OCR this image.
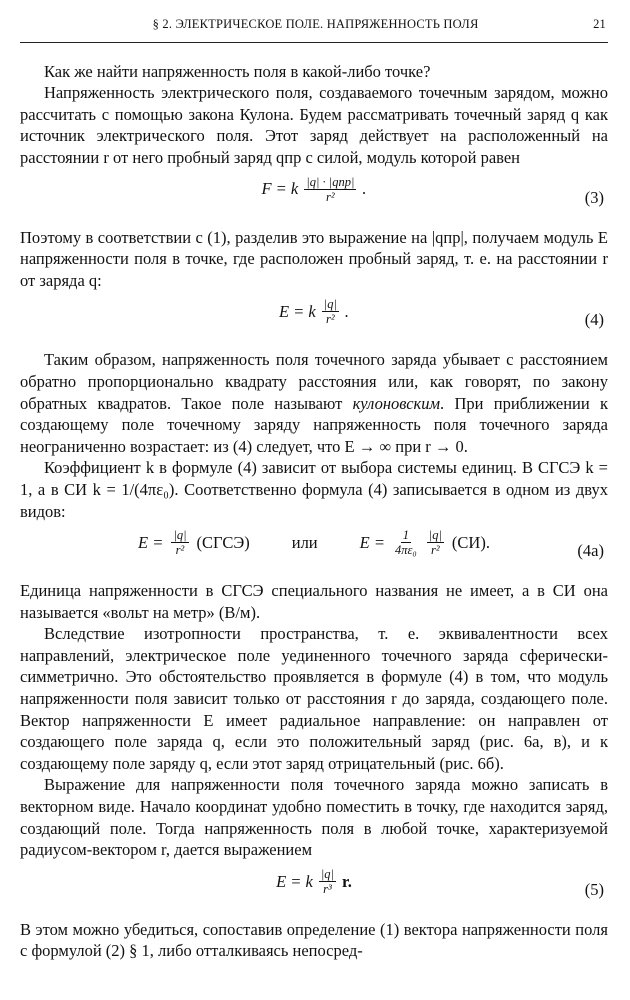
§ 2. ЭЛЕКТРИЧЕСКОЕ ПОЛЕ. НАПРЯЖЕННОСТЬ ПОЛЯ	21

Как же найти напряженность поля в какой-либо точке?

Напряженность электрического поля, создаваемого точечным зарядом, можно рассчитать с помощью закона Кулона. Будем рассматривать точечный заряд q как источник электрического поля. Этот заряд действует на расположенный на расстоянии r от него пробный заряд qпр с силой, модуль которой равен

F = k $\frac{\text{|q| · |qпр|}}{\text{r²}}$ .	(3)

Поэтому в соответствии с (1), разделив это выражение на |qпр|, получаем модуль E напряженности поля в точке, где расположен пробный заряд, т. е. на расстоянии r от заряда q:

E = k $\frac{|q|}{\text{r²}}$ .	(4)

Таким образом, напряженность поля точечного заряда убывает с расстоянием обратно пропорционально квадрату расстояния или, как говорят, по закону обратных квадратов. Такое поле называют кулоновским. При приближении к создающему поле точечному заряду напряженность поля точечного заряда неограниченно возрастает: из (4) следует, что E → ∞ при r → 0.

Коэффициент k в формуле (4) зависит от выбора системы единиц. В СГСЭ k = 1, а в СИ k = 1/(4πε₀). Соответственно формула (4) записывается в одном из двух видов:

$E = \frac{|q|}{\text{r²}}$ (СГСЭ)	или	$E = \frac{1}{\text{4πε₀}} \frac{|q|}{\text{r²}} (СИ)$.	(4а)

Единица напряженности в СГСЭ специального названия не имеет, а в СИ она называется «вольт на метр» (В/м).

Вследствие изотропности пространства, т. е. эквивалентности всех направлений, электрическое поле уединенного точечного заряда сферически-симметрично. Это обстоятельство проявляется в формуле (4) в том, что модуль напряженности поля зависит только от расстояния r до заряда, создающего поле. Вектор напряженности E имеет радиальное направление: он направлен от создающего поле заряда q, если это положительный заряд (рис. 6а, в), и к создающему поле заряду q, если этот заряд отрицательный (рис. 6б).

Выражение для напряженности поля точечного заряда можно записать в векторном виде. Начало координат удобно поместить в точку, где находится заряд, создающий поле. Тогда напряженность поля в любой точке, характеризуемой радиусом-вектором r, дается выражением

E = k $\frac{|q|}{\text{r³}} r$.	(5)

В этом можно убедиться, сопоставив определение (1) вектора напряженности поля с формулой (2) § 1, либо отталкиваясь непосред-
